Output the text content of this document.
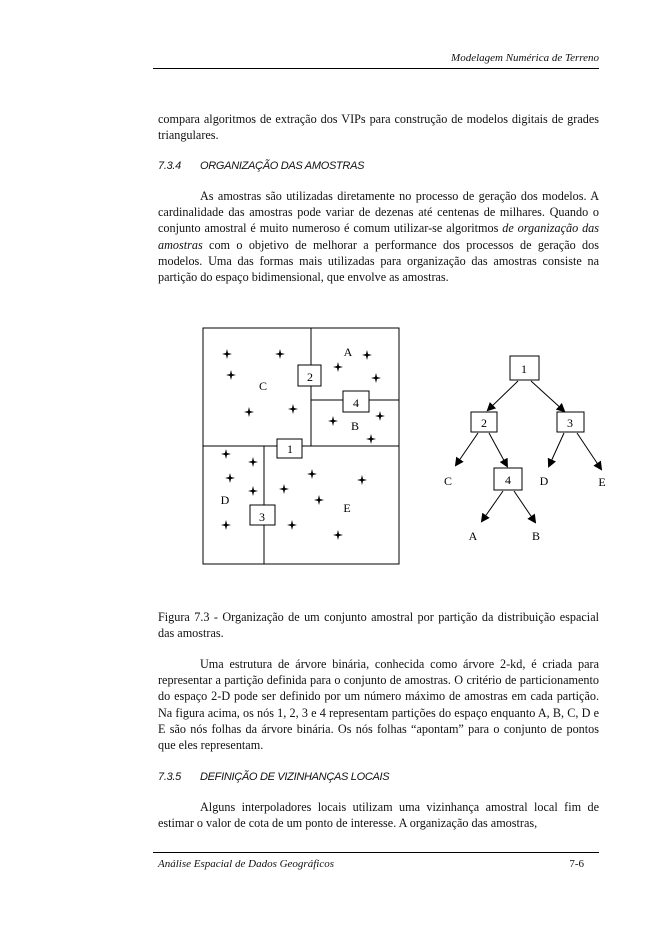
Modelagem Numérica de Terreno

compara algoritmos de extração dos VIPs para construção de modelos digitais de grades triangulares.

7.3.4 ORGANIZAÇÃO DAS AMOSTRAS

As amostras são utilizadas diretamente no processo de geração dos modelos. A cardinalidade das amostras pode variar de dezenas até centenas de milhares. Quando o conjunto amostral é muito numeroso é comum utilizar-se algoritmos de organização das amostras com o objetivo de melhorar a performance dos processos de geração dos modelos. Uma das formas mais utilizadas para organização das amostras consiste na partição do espaço bidimensional, que envolve as amostras.

2
4
1
3
A
B
C
D
E
1
2	3
4
C	D	E
A	B

Figura 7.3 - Organização de um conjunto amostral por partição da distribuição espacial das amostras.

Uma estrutura de árvore binária, conhecida como árvore 2-kd, é criada para representar a partição definida para o conjunto de amostras. O critério de particionamento do espaço 2-D pode ser definido por um número máximo de amostras em cada partição. Na figura acima, os nós 1, 2, 3 e 4 representam partições do espaço enquanto A, B, C, D e E são nós folhas da árvore binária. Os nós folhas “apontam” para o conjunto de pontos que eles representam.

7.3.5 DEFINIÇÃO DE VIZINHANÇAS LOCAIS

Alguns interpoladores locais utilizam uma vizinhança amostral local fim de estimar o valor de cota de um ponto de interesse. A organização das amostras,

Análise Espacial de Dados Geográficos	7-6
